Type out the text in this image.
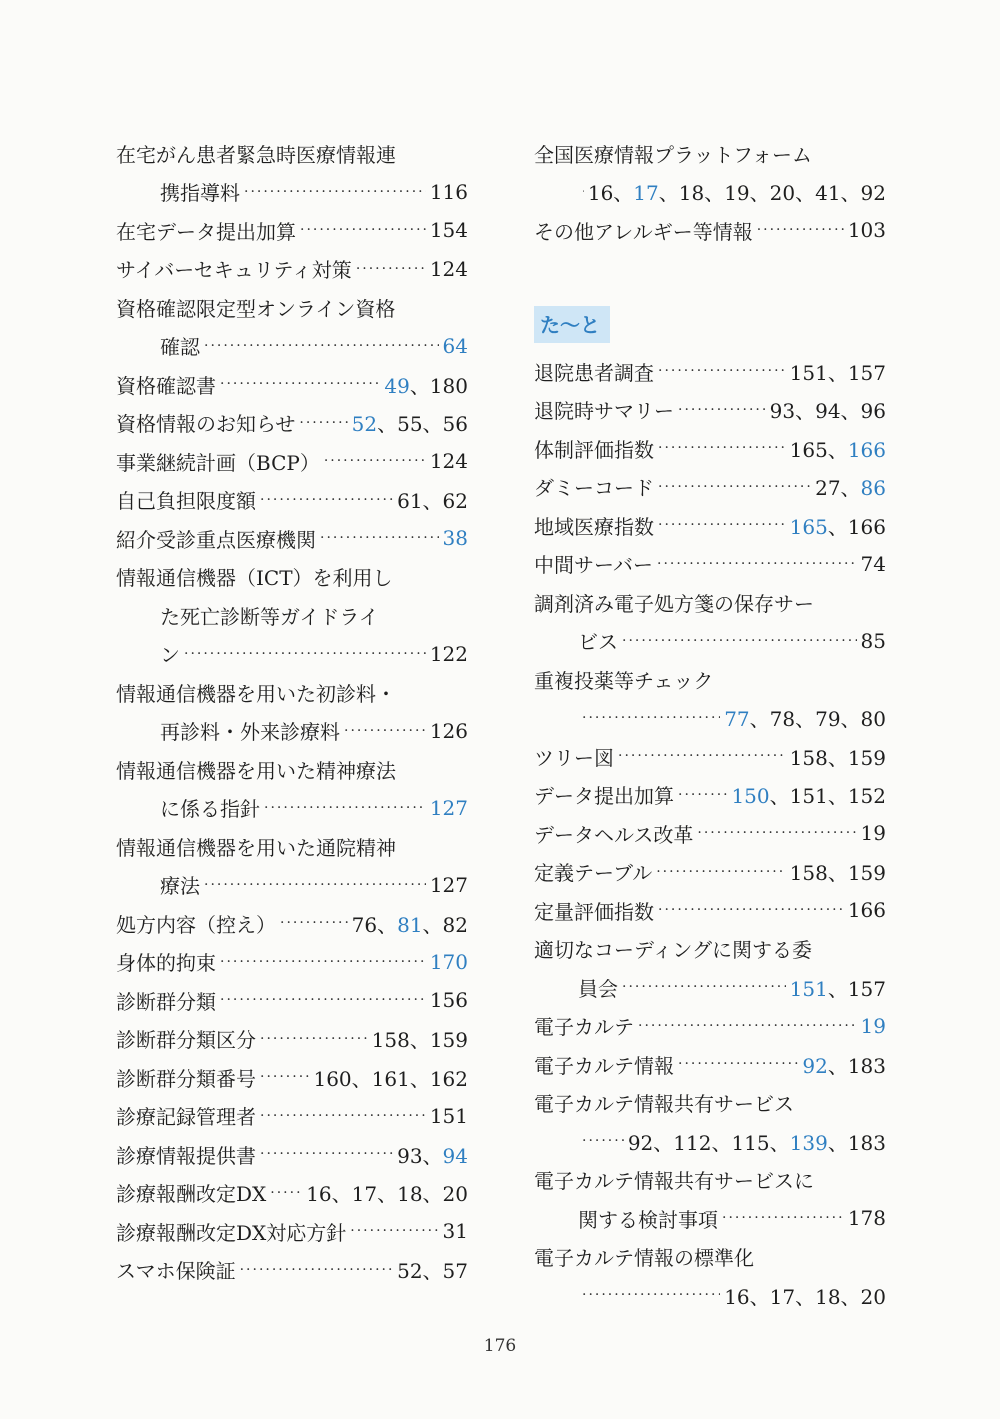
在宅がん患者緊急時医療情報連
携指導料 ·····	116
在宅データ提出加算 ·····	154
サイバーセキュリティ対策 ·····	124
資格確認限定型オンライン資格
確認 ·····	64
資格確認書 ·····	49、180
資格情報のお知らせ ·····	52、55、56
事業継続計画（BCP） ·····	124
自己負担限度額 ·····	61、62
紹介受診重点医療機関 ·····	38
情報通信機器（ICT）を利用し
た死亡診断等ガイドライ
ン ·····	122
情報通信機器を用いた初診料・
再診料・外来診療料 ·····	126
情報通信機器を用いた精神療法
に係る指針 ·····	127
情報通信機器を用いた通院精神
療法 ·····	127
処方内容（控え） ·····	76、81、82
身体的拘束 ·····	170
診断群分類 ·····	156
診断群分類区分 ·····	158、159
診断群分類番号 ·····	160、161、162
診療記録管理者 ·····	151
診療情報提供書 ·····	93、94
診療報酬改定DX ····· 16、17、18、20
診療報酬改定DX対応方針 ·····	31
スマホ保険証 ·····	52、57
全国医療情報プラットフォーム
·····
16、17、18、19、20、41、92
その他アレルギー等情報 ·····	103
た〜と
退院患者調査 ·····	151、157
退院時サマリー ·····	93、94、96
体制評価指数 ·····	165、166
ダミーコード ·····	27、86
地域医療指数 ·····	165、166
中間サーバー ·····	74
調剤済み電子処方箋の保存サー
ビス ·····	85
重複投薬等チェック
·····
77、78、79、80
ツリー図 ·····	158、159
データ提出加算 ·····	150、151、152
データヘルス改革 ·····	19
定義テーブル ·····	158、159
定量評価指数 ·····	166
適切なコーディングに関する委
員会 ·····	151、157
電子カルテ ·····	19
電子カルテ情報 ·····	92、183
電子カルテ情報共有サービス
·····
92、112、115、139、183
電子カルテ情報共有サービスに
関する検討事項 ·····	178
電子カルテ情報の標準化
·····
16、17、18、20
176
